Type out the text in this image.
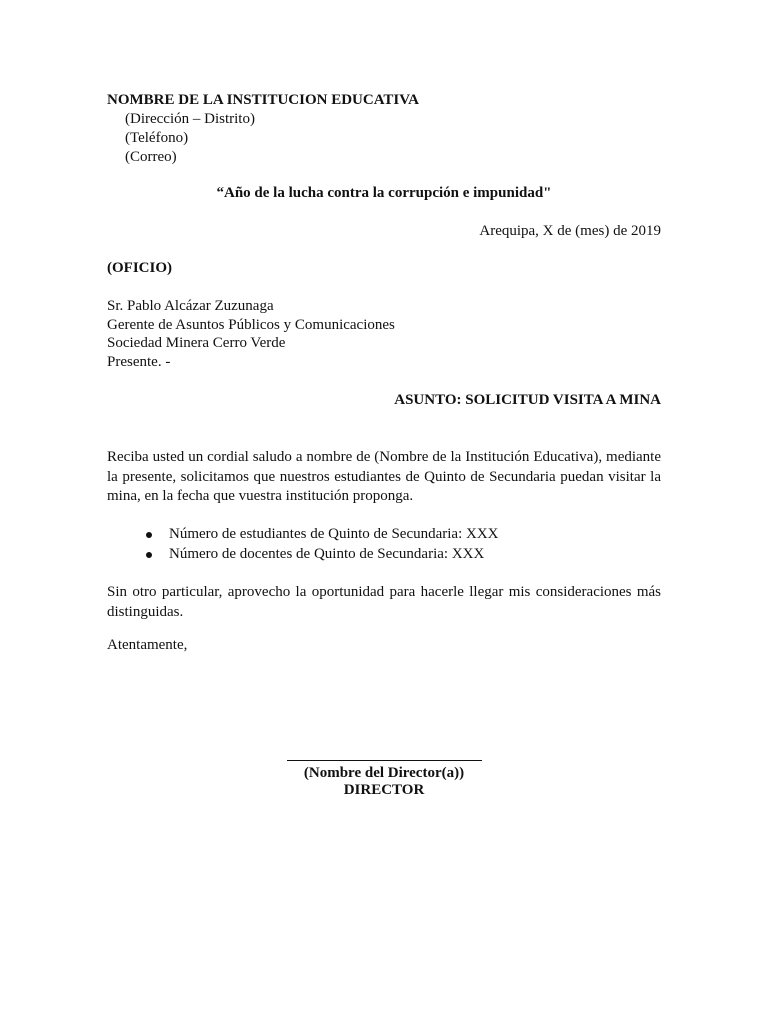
NOMBRE DE LA INSTITUCION EDUCATIVA
(Dirección – Distrito)
(Teléfono)
(Correo)
“Año de la lucha contra la corrupción e impunidad"
Arequipa, X de (mes) de 2019
(OFICIO)
Sr. Pablo Alcázar Zuzunaga
Gerente de Asuntos Públicos y Comunicaciones
Sociedad Minera Cerro Verde
Presente. -
ASUNTO: SOLICITUD VISITA A MINA
Reciba usted un cordial saludo a nombre de (Nombre de la Institución Educativa), mediante la presente, solicitamos que nuestros estudiantes de Quinto de Secundaria puedan visitar la mina, en la fecha que vuestra institución proponga.
Número de estudiantes de Quinto de Secundaria: XXX
Número de docentes de Quinto de Secundaria: XXX
Sin otro particular, aprovecho la oportunidad para hacerle llegar mis consideraciones más distinguidas.
Atentamente,
(Nombre del Director(a))
DIRECTOR
